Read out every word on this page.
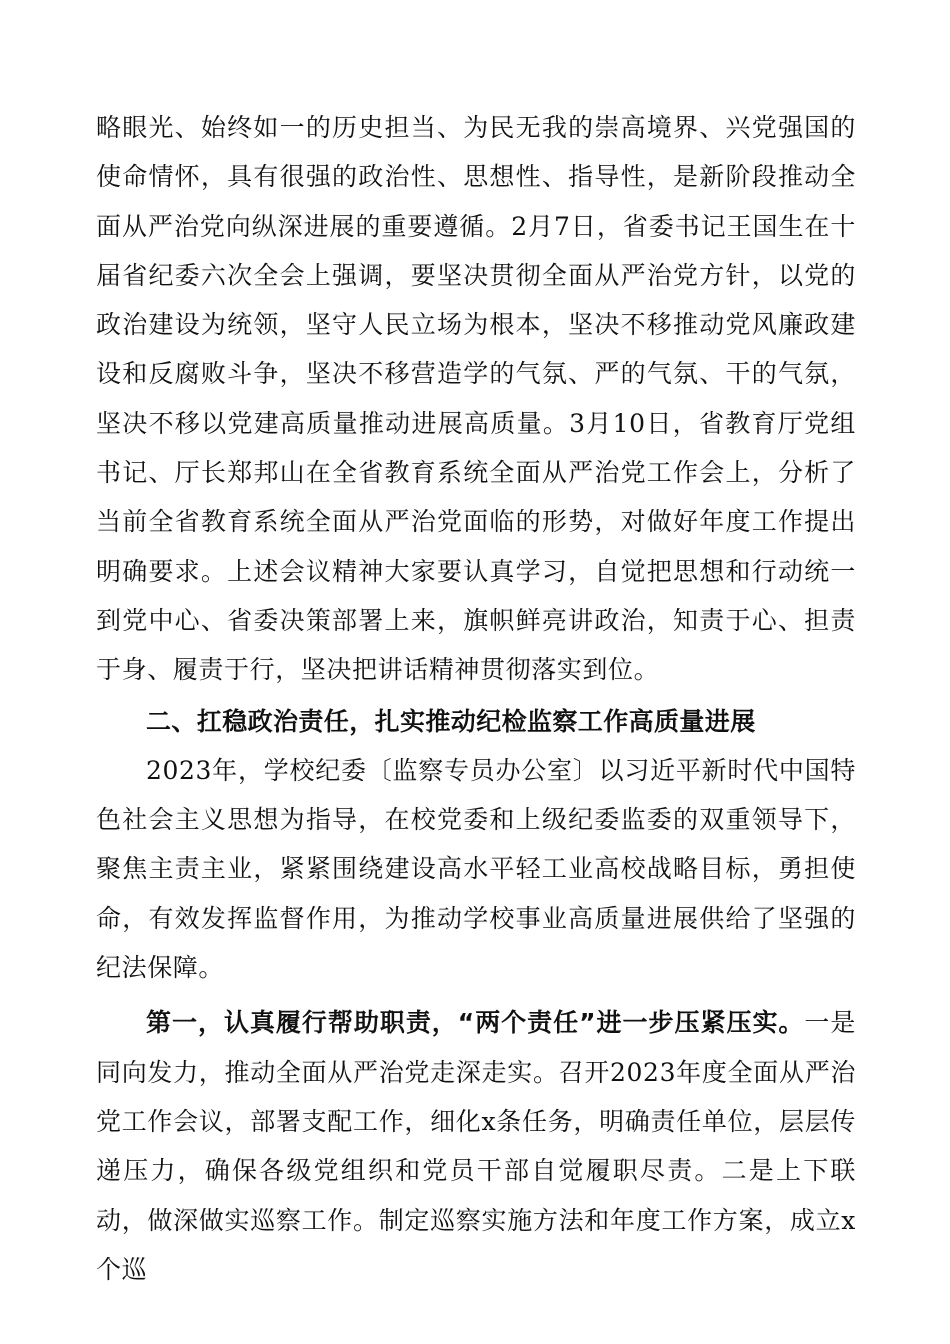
略眼光、始终如一的历史担当、为民无我的崇高境界、兴党强国的使命情怀，具有很强的政治性、思想性、指导性，是新阶段推动全面从严治党向纵深进展的重要遵循。2月7日，省委书记王国生在十届省纪委六次全会上强调，要坚决贯彻全面从严治党方针，以党的政治建设为统领，坚守人民立场为根本，坚决不移推动党风廉政建设和反腐败斗争，坚决不移营造学的气氛、严的气氛、干的气氛，坚决不移以党建高质量推动进展高质量。3月10日，省教育厅党组书记、厅长郑邦山在全省教育系统全面从严治党工作会上，分析了当前全省教育系统全面从严治党面临的形势，对做好年度工作提出明确要求。上述会议精神大家要认真学习，自觉把思想和行动统一到党中心、省委决策部署上来，旗帜鲜亮讲政治，知责于心、担责于身、履责于行，坚决把讲话精神贯彻落实到位。

二、扛稳政治责任，扎实推动纪检监察工作高质量进展

2023年，学校纪委〔监察专员办公室〕以习近平新时代中国特色社会主义思想为指导，在校党委和上级纪委监委的双重领导下，聚焦主责主业，紧紧围绕建设高水平轻工业高校战略目标，勇担使命，有效发挥监督作用，为推动学校事业高质量进展供给了坚强的纪法保障。

第一，认真履行帮助职责，“两个责任”进一步压紧压实。一是同向发力，推动全面从严治党走深走实。召开2023年度全面从严治党工作会议，部署支配工作，细化x条任务，明确责任单位，层层传递压力，确保各级党组织和党员干部自觉履职尽责。二是上下联动，做深做实巡察工作。制定巡察实施方法和年度工作方案，成立x个巡
